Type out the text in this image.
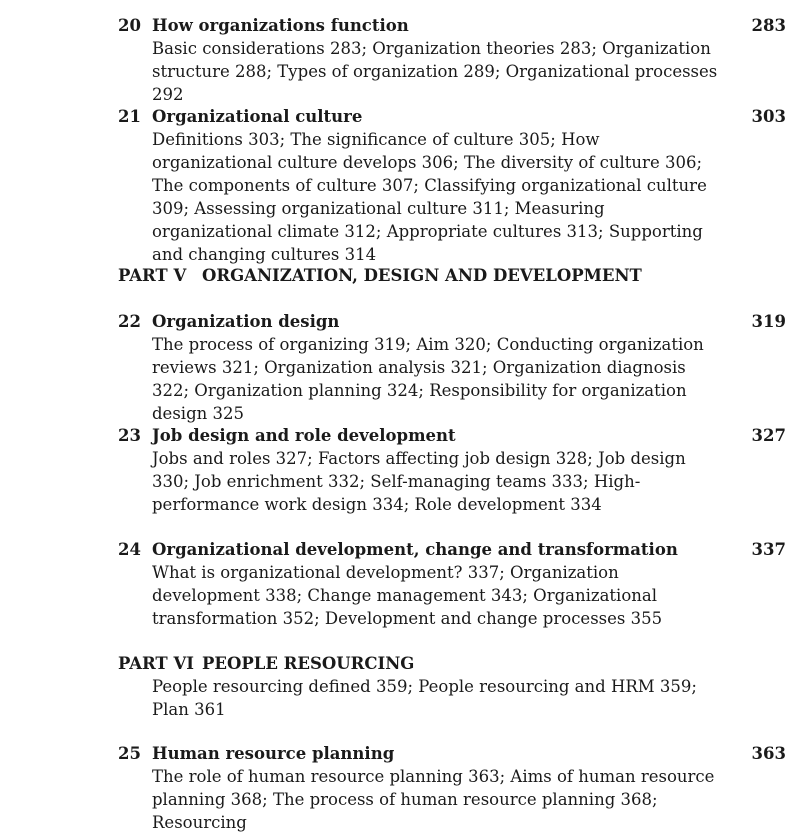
20 How organizations function	283
Basic considerations 283; Organization theories 283; Organization structure 288; Types of organization 289; Organizational processes 292
21 Organizational culture	303
Definitions 303; The significance of culture 305; How organizational culture develops 306; The diversity of culture 306; The components of culture 307; Classifying organizational culture 309; Assessing organizational culture 311; Measuring organizational climate 312; Appropriate cultures 313; Supporting and changing cultures 314
PART V ORGANIZATION, DESIGN AND DEVELOPMENT
22 Organization design	319
The process of organizing 319; Aim 320; Conducting organization reviews 321; Organization analysis 321; Organization diagnosis 322; Organization planning 324; Responsibility for organization design 325
23 Job design and role development	327
Jobs and roles 327; Factors affecting job design 328; Job design 330; Job enrichment 332; Self-managing teams 333; High-performance work design 334; Role development 334
24 Organizational development, change and transformation	337
What is organizational development? 337; Organization development 338; Change management 343; Organizational transformation 352; Development and change processes 355
PART VI PEOPLE RESOURCING
People resourcing defined 359; People resourcing and HRM 359; Plan 361
25 Human resource planning	363
The role of human resource planning 363; Aims of human resource planning 368; The process of human resource planning 368; Resourcing
